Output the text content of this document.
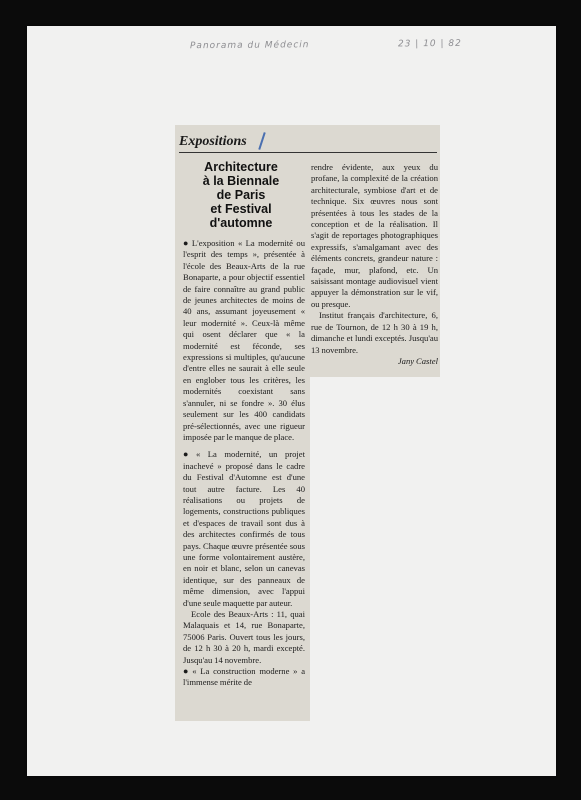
Panorama du Médecin	23 | 10 | 82
Expositions
Architecture
à la Biennale
de Paris
et Festival
d'automne

● L'exposition « La modernité ou l'esprit des temps », présentée à l'école des Beaux-Arts de la rue Bonaparte, a pour objectif essentiel de faire connaître au grand public de jeunes architectes de moins de 40 ans, assumant joyeusement « leur modernité ». Ceux-là même qui osent déclarer que « la modernité est féconde, ses expressions si multiples, qu'aucune d'entre elles ne saurait à elle seule en englober tous les critères, les modernités coexistant sans s'annuler, ni se fondre ». 30 élus seulement sur les 400 candidats pré-sélectionnés, avec une rigueur imposée par le manque de place.

● « La modernité, un projet inachevé » proposé dans le cadre du Festival d'Automne est d'une tout autre facture. Les 40 réalisations ou projets de logements, constructions publiques et d'espaces de travail sont dus à des architectes confirmés de tous pays. Chaque œuvre présentée sous une forme volontairement austère, en noir et blanc, selon un canevas identique, sur des panneaux de même dimension, avec l'appui d'une seule maquette par auteur.

Ecole des Beaux-Arts : 11, quai Malaquais et 14, rue Bonaparte, 75006 Paris. Ouvert tous les jours, de 12 h 30 à 20 h, mardi excepté. Jusqu'au 14 novembre.

● « La construction moderne » a l'immense mérite de

rendre évidente, aux yeux du profane, la complexité de la création architecturale, symbiose d'art et de technique. Six œuvres nous sont présentées à tous les stades de la conception et de la réalisation. Il s'agit de reportages photographiques expressifs, s'amalgamant avec des éléments concrets, grandeur nature : façade, mur, plafond, etc. Un saisissant montage audiovisuel vient appuyer la démonstration sur le vif, ou presque.

Institut français d'architecture, 6, rue de Tournon, de 12 h 30 à 19 h, dimanche et lundi exceptés. Jusqu'au 13 novembre.

Jany Castel
